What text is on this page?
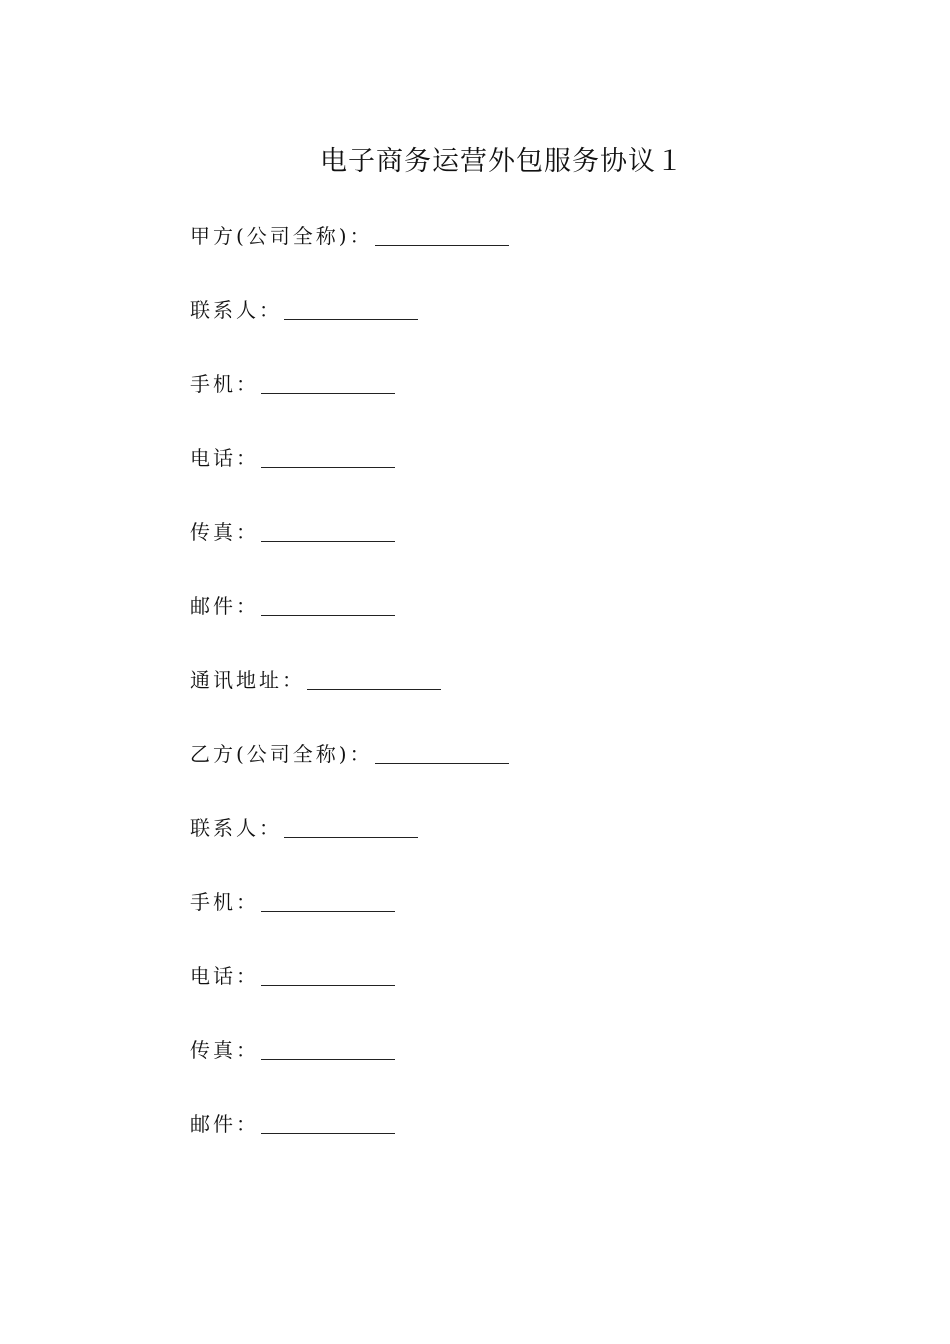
电子商务运营外包服务协议１
甲方(公司全称)：
联系人：
手机：
电话：
传真：
邮件：
通讯地址：
乙方(公司全称)：
联系人：
手机：
电话：
传真：
邮件：
